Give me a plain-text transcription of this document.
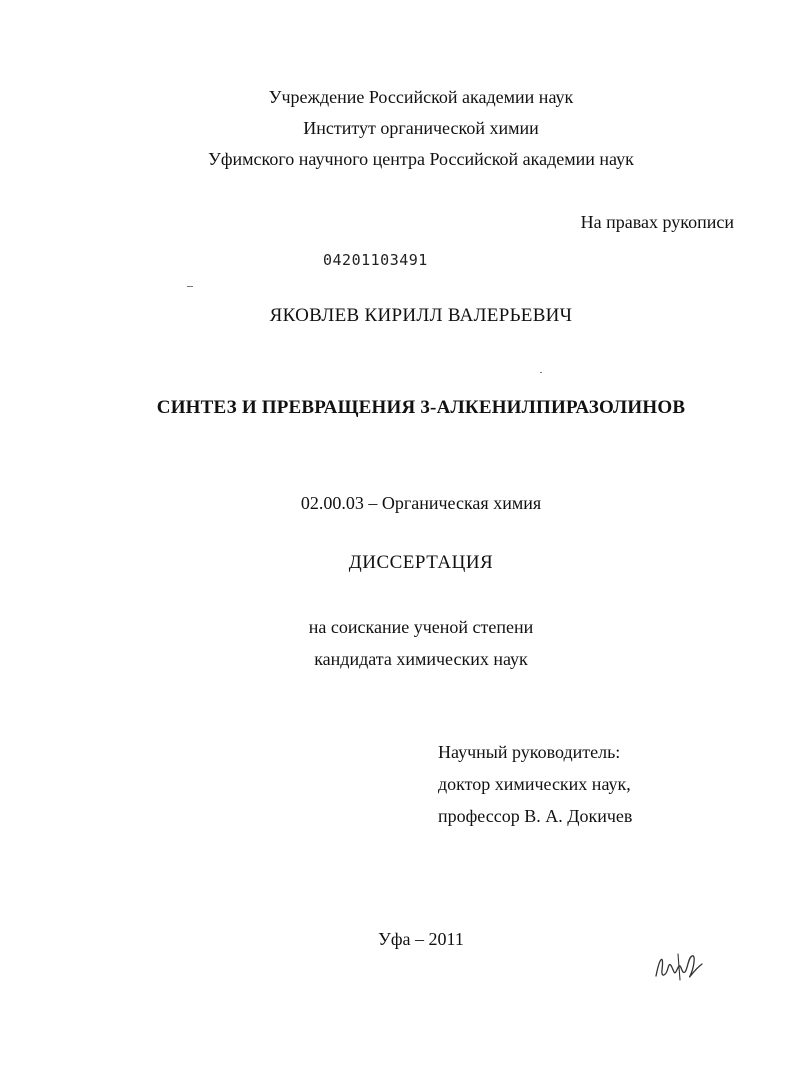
Учреждение Российской академии наук
Институт органической химии
Уфимского научного центра Российской академии наук
На правах рукописи
04201103491
ЯКОВЛЕВ КИРИЛЛ ВАЛЕРЬЕВИЧ
СИНТЕЗ И ПРЕВРАЩЕНИЯ 3-АЛКЕНИЛПИРАЗОЛИНОВ
02.00.03 – Органическая химия
ДИССЕРТАЦИЯ
на соискание ученой степени
кандидата химических наук
Научный руководитель:
доктор химических наук,
профессор В. А. Докичев
Уфа – 2011
